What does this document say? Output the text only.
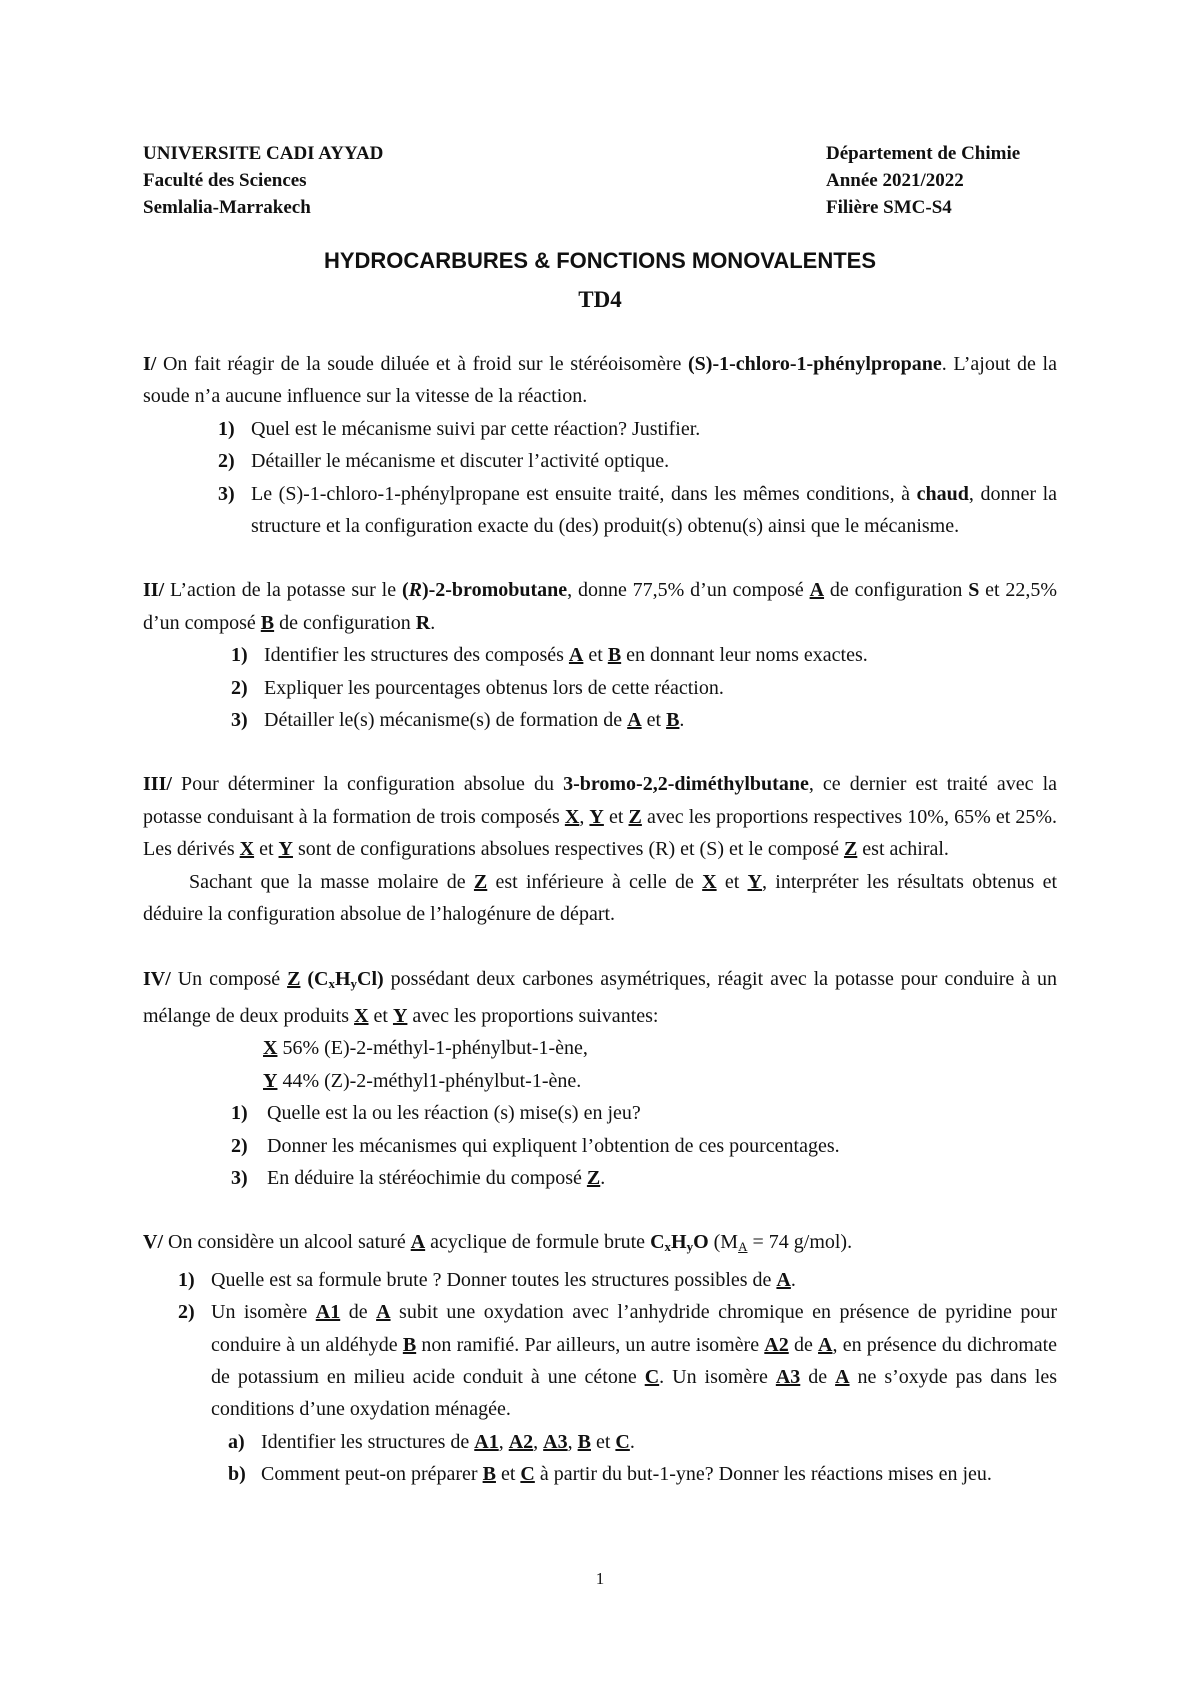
UNIVERSITE CADI AYYAD
Faculté des Sciences
Semlalia-Marrakech
Département de Chimie
Année 2021/2022
Filière SMC-S4
HYDROCARBURES & FONCTIONS MONOVALENTES
TD4

I/ On fait réagir de la soude diluée et à froid sur le stéréoisomère (S)-1-chloro-1-phénylpropane. L’ajout de la soude n’a aucune influence sur la vitesse de la réaction.

1) Quel est le mécanisme suivi par cette réaction? Justifier.
2) Détailler le mécanisme et discuter l’activité optique.
3) Le (S)-1-chloro-1-phénylpropane est ensuite traité, dans les mêmes conditions, à chaud, donner la structure et la configuration exacte du (des) produit(s) obtenu(s) ainsi que le mécanisme.

II/ L’action de la potasse sur le (R)-2-bromobutane, donne 77,5% d’un composé A de configuration S et 22,5% d’un composé B de configuration R.

1) Identifier les structures des composés A et B en donnant leur noms exactes.
2) Expliquer les pourcentages obtenus lors de cette réaction.
3) Détailler le(s) mécanisme(s) de formation de A et B.

III/ Pour déterminer la configuration absolue du 3-bromo-2,2-diméthylbutane, ce dernier est traité avec la potasse conduisant à la formation de trois composés X, Y et Z avec les proportions respectives 10%, 65% et 25%. Les dérivés X et Y sont de configurations absolues respectives (R) et (S) et le composé Z est achiral.

Sachant que la masse molaire de Z est inférieure à celle de X et Y, interpréter les résultats obtenus et déduire la configuration absolue de l’halogénure de départ.

IV/ Un composé Z $(C_xH_yCl)$ possédant deux carbones asymétriques, réagit avec la potasse pour conduire à un mélange de deux produits X et Y avec les proportions suivantes:

X 56% (E)-2-méthyl-1-phénylbut-1-ène,
Y 44% (Z)-2-méthyl1-phénylbut-1-ène.
1) Quelle est la ou les réaction (s) mise(s) en jeu?
2) Donner les mécanismes qui expliquent l’obtention de ces pourcentages.
3) En déduire la stéréochimie du composé Z.

V/ On considère un alcool saturé A acyclique de formule brute $C_xH_yO$ ($M_A = 74$ g/mol).

1) Quelle est sa formule brute ? Donner toutes les structures possibles de A.
2) Un isomère A1 de A subit une oxydation avec l’anhydride chromique en présence de pyridine pour conduire à un aldéhyde B non ramifié. Par ailleurs, un autre isomère A2 de A, en présence du dichromate de potassium en milieu acide conduit à une cétone C. Un isomère A3 de A ne s’oxyde pas dans les conditions d’une oxydation ménagée.
a) Identifier les structures de A1, A2, A3, B et C.
b) Comment peut-on préparer B et C à partir du but-1-yne? Donner les réactions mises en jeu.
1
